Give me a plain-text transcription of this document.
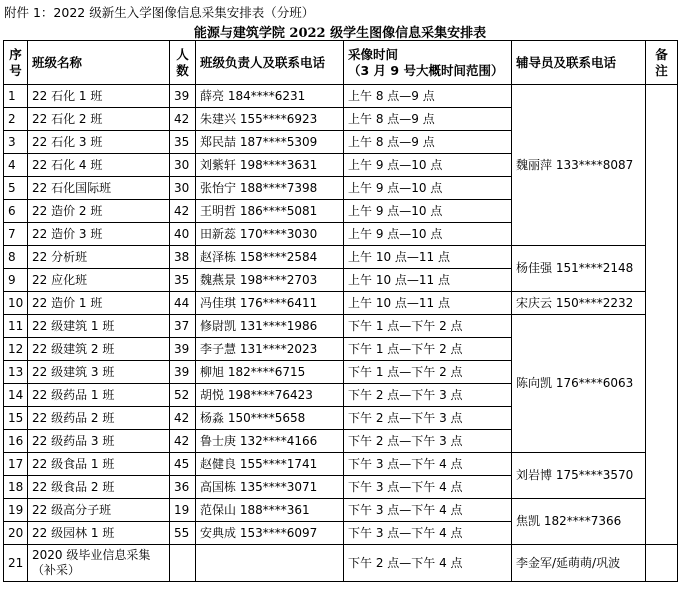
附件 1：2022 级新生入学图像信息采集安排表（分班）
能源与建筑学院 2022 级学生图像信息采集安排表
序号	班级名称	人数	班级负责人及联系电话	采像时间
（3 月 9 号大概时间范围）	辅导员及联系电话	备注

1	22 石化 1 班	39	薛亮 184****6231	上午 8 点—9 点	魏丽萍 133****8087	
2	22 石化 2 班	42	朱建兴 155****6923	上午 8 点—9 点		
3	22 石化 3 班	35	郑民喆 187****5309	上午 8 点—9 点		
4	22 石化 4 班	30	刘紫轩 198****3631	上午 9 点—10 点		
5	22 石化国际班	30	张怡宁 188****7398	上午 9 点—10 点		
6	22 造价 2 班	42	王明哲 186****5081	上午 9 点—10 点		
7	22 造价 3 班	40	田新蕊 170****3030	上午 9 点—10 点		
8	22 分析班	38	赵泽栋 158****2584	上午 10 点—11 点	杨佳强 151****2148	
9	22 应化班	35	魏燕景 198****2703	上午 10 点—11 点		
10	22 造价 1 班	44	冯佳琪 176****6411	上午 10 点—11 点	宋庆云 150****2232	
11	22 级建筑 1 班	37	修尉凯 131****1986	下午 1 点—下午 2 点	陈向凯 176****6063	
12	22 级建筑 2 班	39	李子慧 131****2023	下午 1 点—下午 2 点		
13	22 级建筑 3 班	39	柳旭 182****6715	下午 1 点—下午 2 点		
14	22 级药品 1 班	52	胡悦 198****76423	下午 2 点—下午 3 点		
15	22 级药品 2 班	42	杨淼 150****5658	下午 2 点—下午 3 点		
16	22 级药品 3 班	42	鲁士庚 132****4166	下午 2 点—下午 3 点		
17	22 级食品 1 班	45	赵健良 155****1741	下午 3 点—下午 4 点	刘岩博 175****3570	
18	22 级食品 2 班	36	高国栋 135****3071	下午 3 点—下午 4 点		
19	22 级高分子班	19	范保山 188****361	下午 3 点—下午 4 点	焦凯 182****7366	
20	22 级园林 1 班	55	安典成 153****6097	下午 3 点—下午 4 点		
21	2020 级毕业信息采集（补采）			下午 2 点—下午 4 点	李金军/延萌萌/巩波	
